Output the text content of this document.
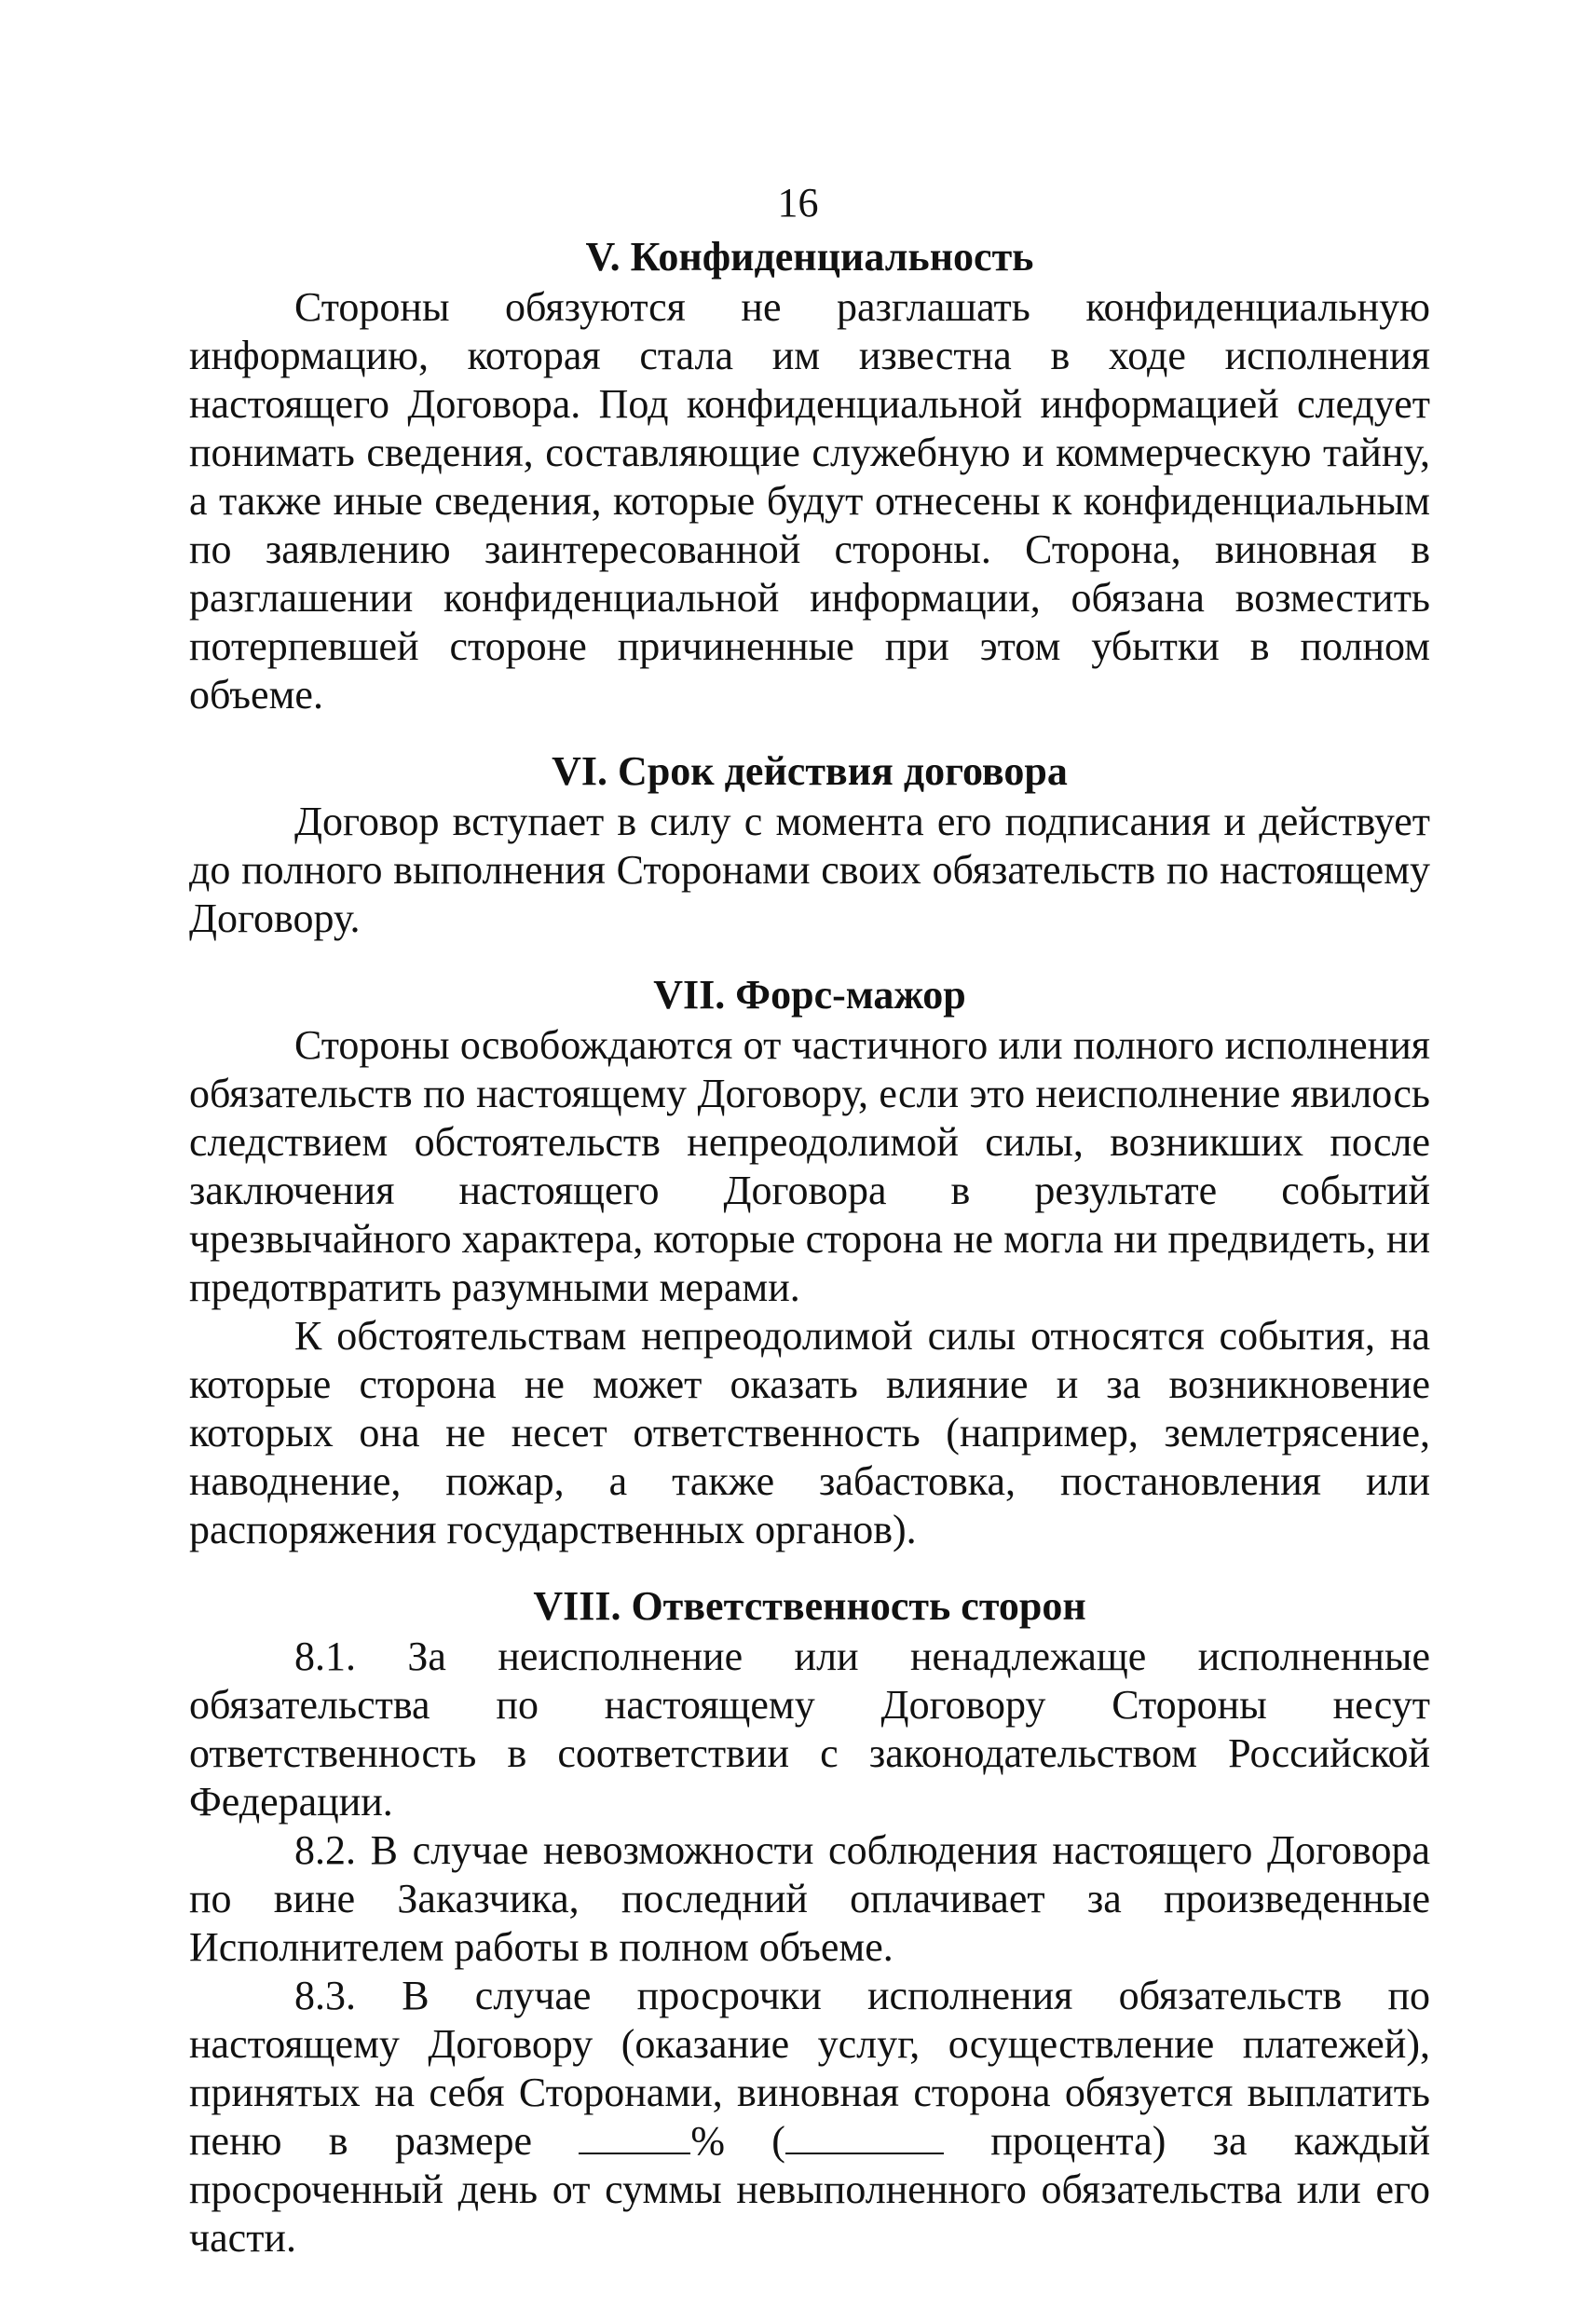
16
V. Конфиденциальность

Стороны обязуются не разглашать конфиденциальную информацию, которая стала им известна в ходе исполнения настоящего Договора. Под конфиденциальной информацией следует понимать сведения, составляющие служебную и коммерческую тайну, а также иные сведения, которые будут отнесены к конфиденциальным по заявлению заинтересованной стороны. Сторона, виновная в разглашении конфиденциальной информации, обязана возместить потерпевшей стороне причиненные при этом убытки в полном объеме.

VI. Срок действия договора

Договор вступает в силу с момента его подписания и действует до полного выполнения Сторонами своих обязательств по настоящему Договору.

VII. Форс-мажор

Стороны освобождаются от частичного или полного исполнения обязательств по настоящему Договору, если это неисполнение явилось следствием обстоятельств непреодолимой силы, возникших после заключения настоящего Договора в результате событий чрезвычайного характера, которые сторона не могла ни предвидеть, ни предотвратить разумными мерами.

К обстоятельствам непреодолимой силы относятся события, на которые сторона не может оказать влияние и за возникновение которых она не несет ответственность (например, землетрясение, наводнение, пожар, а также забастовка, постановления или распоряжения государственных органов).

VIII. Ответственность сторон

8.1. За неисполнение или ненадлежаще исполненные обязательства по настоящему Договору Стороны несут ответственность в соответствии с законодательством Российской Федерации.

8.2. В случае невозможности соблюдения настоящего Договора по вине Заказчика, последний оплачивает за произведенные Исполнителем работы в полном объеме.

8.3. В случае просрочки исполнения обязательств по настоящему Договору (оказание услуг, осуществление платежей), принятых на себя Сторонами, виновная сторона обязуется выплатить пеню в размере	% (	процента) за каждый просроченный день от суммы невыполненного обязательства или его части.
